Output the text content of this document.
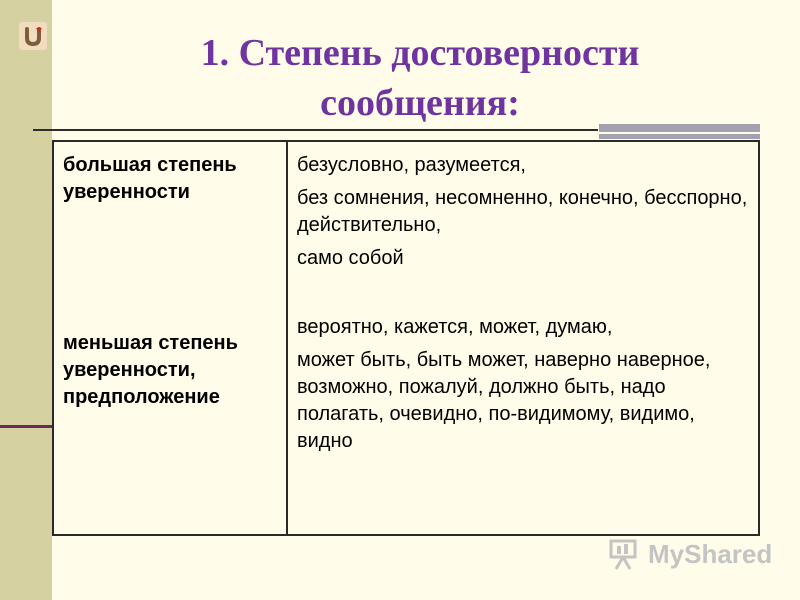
1. Степень достоверности
сообщения:

большая степень уверенности

меньшая степень уверенности, предположение

безусловно, разумеется,

без сомнения, несомненно, конечно, бесспорно, действительно,

само собой

вероятно, кажется, может, думаю,

может быть, быть может, наверно наверное, возможно, пожалуй, должно быть, надо полагать, очевидно, по-видимому, видимо, видно

MyShared
